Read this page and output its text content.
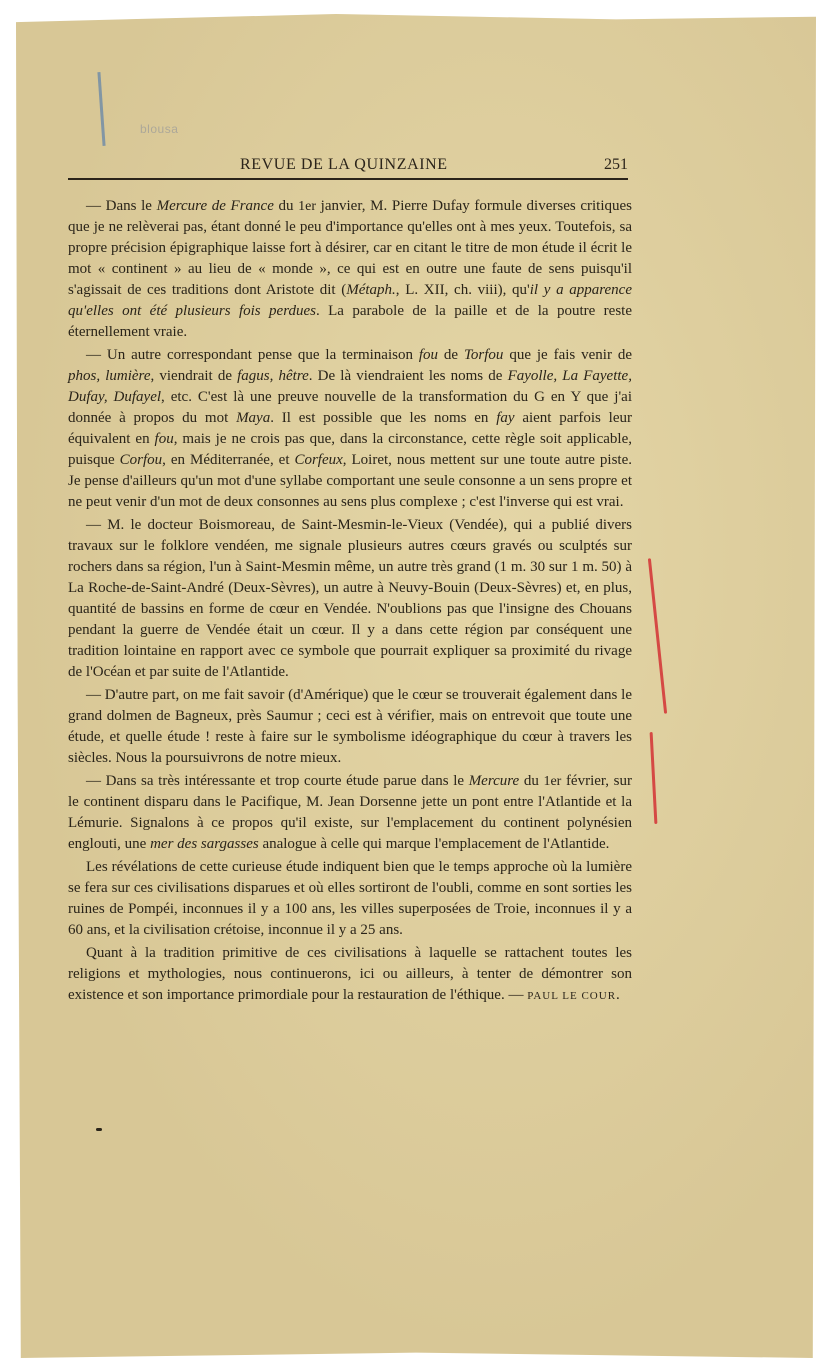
blousa
REVUE DE LA QUINZAINE	251

— Dans le Mercure de France du 1er janvier, M. Pierre Dufay formule diverses critiques que je ne relèverai pas, étant donné le peu d'importance qu'elles ont à mes yeux. Toutefois, sa propre précision épigraphique laisse fort à désirer, car en citant le titre de mon étude il écrit le mot « continent » au lieu de « monde », ce qui est en outre une faute de sens puisqu'il s'agissait de ces traditions dont Aristote dit (Métaph., L. XII, ch. viii), qu'il y a apparence qu'elles ont été plusieurs fois perdues. La parabole de la paille et de la poutre reste éternellement vraie.

— Un autre correspondant pense que la terminaison fou de Torfou que je fais venir de phos, lumière, viendrait de fagus, hêtre. De là viendraient les noms de Fayolle, La Fayette, Dufay, Dufayel, etc. C'est là une preuve nouvelle de la transformation du G en Y que j'ai donnée à propos du mot Maya. Il est possible que les noms en fay aient parfois leur équivalent en fou, mais je ne crois pas que, dans la circonstance, cette règle soit applicable, puisque Corfou, en Méditerranée, et Corfeux, Loiret, nous mettent sur une toute autre piste. Je pense d'ailleurs qu'un mot d'une syllabe comportant une seule consonne a un sens propre et ne peut venir d'un mot de deux consonnes au sens plus complexe ; c'est l'inverse qui est vrai.

— M. le docteur Boismoreau, de Saint-Mesmin-le-Vieux (Vendée), qui a publié divers travaux sur le folklore vendéen, me signale plusieurs autres cœurs gravés ou sculptés sur rochers dans sa région, l'un à Saint-Mesmin même, un autre très grand (1 m. 30 sur 1 m. 50) à La Roche-de-Saint-André (Deux-Sèvres), un autre à Neuvy-Bouin (Deux-Sèvres) et, en plus, quantité de bassins en forme de cœur en Vendée. N'oublions pas que l'insigne des Chouans pendant la guerre de Vendée était un cœur. Il y a dans cette région par conséquent une tradition lointaine en rapport avec ce symbole que pourrait expliquer sa proximité du rivage de l'Océan et par suite de l'Atlantide.

— D'autre part, on me fait savoir (d'Amérique) que le cœur se trouverait également dans le grand dolmen de Bagneux, près Saumur ; ceci est à vérifier, mais on entrevoit que toute une étude, et quelle étude ! reste à faire sur le symbolisme idéographique du cœur à travers les siècles. Nous la poursuivrons de notre mieux.

— Dans sa très intéressante et trop courte étude parue dans le Mercure du 1er février, sur le continent disparu dans le Pacifique, M. Jean Dorsenne jette un pont entre l'Atlantide et la Lémurie. Signalons à ce propos qu'il existe, sur l'emplacement du continent polynésien englouti, une mer des sargasses analogue à celle qui marque l'emplacement de l'Atlantide.

Les révélations de cette curieuse étude indiquent bien que le temps approche où la lumière se fera sur ces civilisations disparues et où elles sortiront de l'oubli, comme en sont sorties les ruines de Pompéi, inconnues il y a 100 ans, les villes superposées de Troie, inconnues il y a 60 ans, et la civilisation crétoise, inconnue il y a 25 ans.

Quant à la tradition primitive de ces civilisations à laquelle se rattachent toutes les religions et mythologies, nous continuerons, ici ou ailleurs, à tenter de démontrer son existence et son importance primordiale pour la restauration de l'éthique. — PAUL LE COUR.
